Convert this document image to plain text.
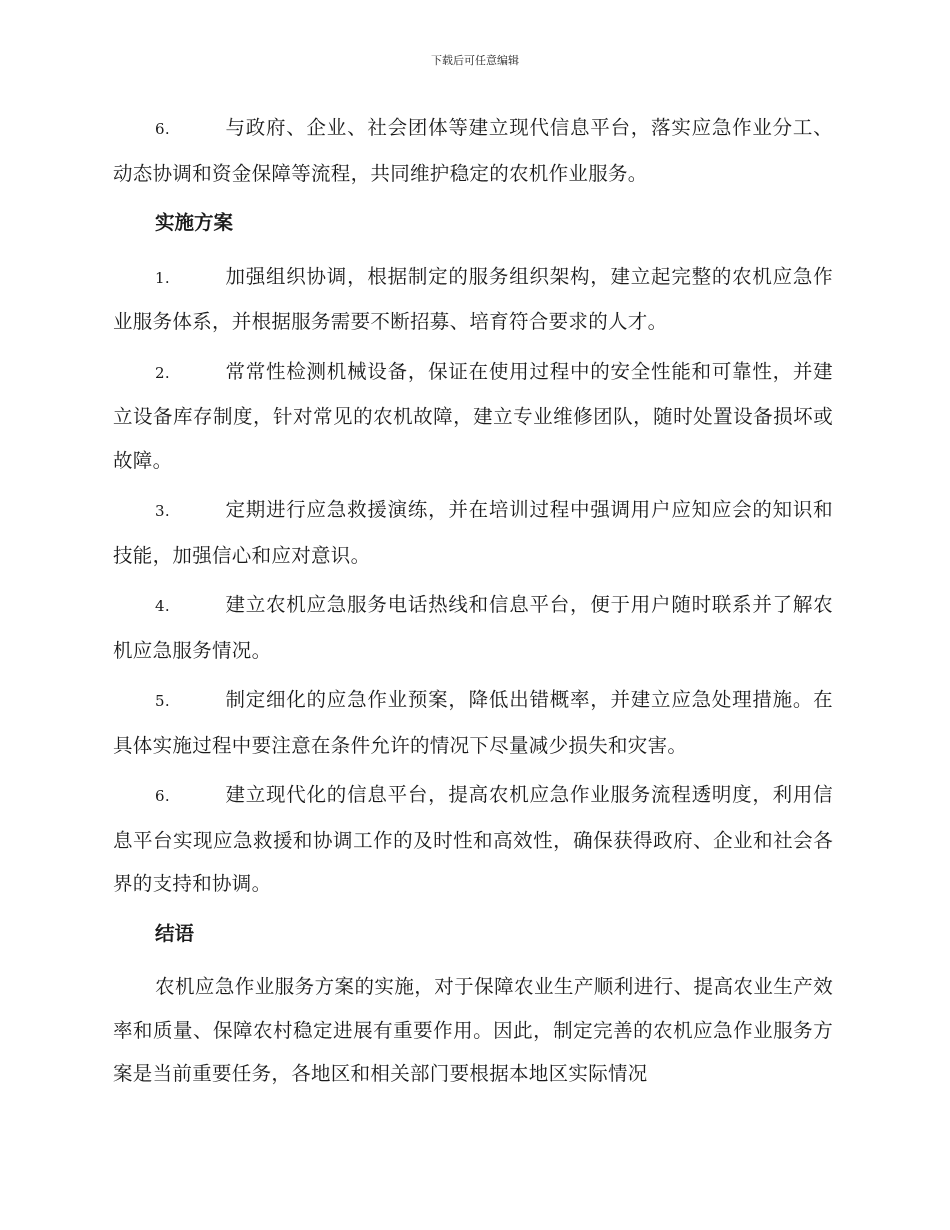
下载后可任意编辑

6.	与政府、企业、社会团体等建立现代信息平台，落实应急作业分工、动态协调和资金保障等流程，共同维护稳定的农机作业服务。

实施方案

1.	加强组织协调，根据制定的服务组织架构，建立起完整的农机应急作业服务体系，并根据服务需要不断招募、培育符合要求的人才。

2.	常常性检测机械设备，保证在使用过程中的安全性能和可靠性，并建立设备库存制度，针对常见的农机故障，建立专业维修团队，随时处置设备损坏或故障。

3.	定期进行应急救援演练，并在培训过程中强调用户应知应会的知识和技能，加强信心和应对意识。

4.	建立农机应急服务电话热线和信息平台，便于用户随时联系并了解农机应急服务情况。

5.	制定细化的应急作业预案，降低出错概率，并建立应急处理措施。在具体实施过程中要注意在条件允许的情况下尽量减少损失和灾害。

6.	建立现代化的信息平台，提高农机应急作业服务流程透明度，利用信息平台实现应急救援和协调工作的及时性和高效性，确保获得政府、企业和社会各界的支持和协调。

结语

农机应急作业服务方案的实施，对于保障农业生产顺利进行、提高农业生产效率和质量、保障农村稳定进展有重要作用。因此，制定完善的农机应急作业服务方案是当前重要任务，各地区和相关部门要根据本地区实际情况
